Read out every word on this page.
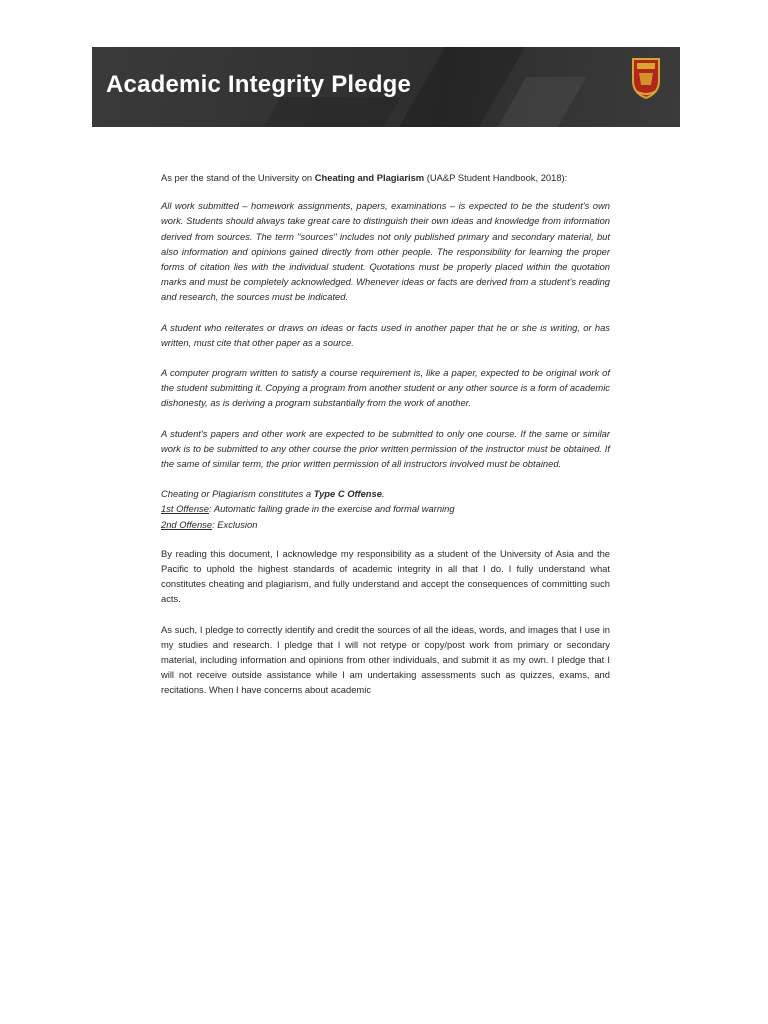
Academic Integrity Pledge

As per the stand of the University on Cheating and Plagiarism (UA&P Student Handbook, 2018):

All work submitted – homework assignments, papers, examinations – is expected to be the student's own work. Students should always take great care to distinguish their own ideas and knowledge from information derived from sources. The term "sources" includes not only published primary and secondary material, but also information and opinions gained directly from other people. The responsibility for learning the proper forms of citation lies with the individual student. Quotations must be properly placed within the quotation marks and must be completely acknowledged. Whenever ideas or facts are derived from a student's reading and research, the sources must be indicated.

A student who reiterates or draws on ideas or facts used in another paper that he or she is writing, or has written, must cite that other paper as a source.

A computer program written to satisfy a course requirement is, like a paper, expected to be original work of the student submitting it. Copying a program from another student or any other source is a form of academic dishonesty, as is deriving a program substantially from the work of another.

A student's papers and other work are expected to be submitted to only one course. If the same or similar work is to be submitted to any other course the prior written permission of the instructor must be obtained. If the same of similar term, the prior written permission of all instructors involved must be obtained.

Cheating or Plagiarism constitutes a Type C Offense.
1st Offense: Automatic failing grade in the exercise and formal warning
2nd Offense: Exclusion

By reading this document, I acknowledge my responsibility as a student of the University of Asia and the Pacific to uphold the highest standards of academic integrity in all that I do. I fully understand what constitutes cheating and plagiarism, and fully understand and accept the consequences of committing such acts.

As such, I pledge to correctly identify and credit the sources of all the ideas, words, and images that I use in my studies and research. I pledge that I will not retype or copy/post work from primary or secondary material, including information and opinions from other individuals, and submit it as my own. I pledge that I will not receive outside assistance while I am undertaking assessments such as quizzes, exams, and recitations. When I have concerns about academic
